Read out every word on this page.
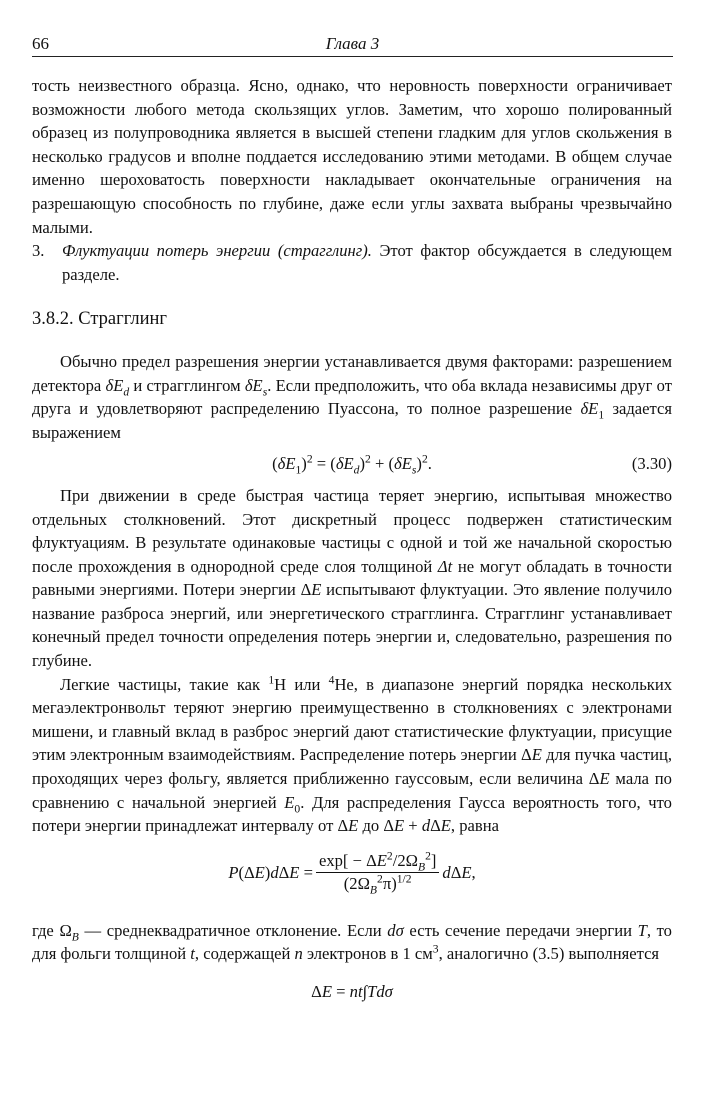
66	Глава 3

тость неизвестного образца. Ясно, однако, что неровность поверхности ограничивает возможности любого метода скользящих углов. Заметим, что хорошо полированный образец из полупроводника является в высшей степени гладким для углов скольжения в несколько градусов и вполне поддается исследованию этими методами. В общем случае именно шероховатость поверхности накладывает окончательные ограничения на разрешающую способность по глубине, даже если углы захвата выбраны чрезвычайно малыми.

3. Флуктуации потерь энергии (страгглинг). Этот фактор обсуждается в следующем разделе.

3.8.2. Страгглинг

Обычно предел разрешения энергии устанавливается двумя факторами: разрешением детектора $\delta E_d$ и страгглингом $\delta E_s$. Если предположить, что оба вклада независимы друг от друга и удовлетворяют распределению Пуассона, то полное разрешение $\delta E_1$ задается выражением

$(\delta E_1)^2 = (\delta E_d)^2 + (\delta E_s)^2$.	(3.30)

При движении в среде быстрая частица теряет энергию, испытывая множество отдельных столкновений. Этот дискретный процесс подвержен статистическим флуктуациям. В результате одинаковые частицы с одной и той же начальной скоростью после прохождения в однородной среде слоя толщиной Δt не могут обладать в точности равными энергиями. Потери энергии ΔE испытывают флуктуации. Это явление получило название разброса энергий, или энергетического страгглинга. Страгглинг устанавливает конечный предел точности определения потерь энергии и, следовательно, разрешения по глубине.

Легкие частицы, такие как $^1$H или $^4$He, в диапазоне энергий порядка нескольких мегаэлектронвольт теряют энергию преимущественно в столкновениях с электронами мишени, и главный вклад в разброс энергий дают статистические флуктуации, присущие этим электронным взаимодействиям. Распределение потерь энергии ΔE для пучка частиц, проходящих через фольгу, является приближенно гауссовым, если величина ΔE мала по сравнению с начальной энергией $E_0$. Для распределения Гаусса вероятность того, что потери энергии принадлежат интервалу от ΔE до ΔE + dΔE, равна

$P(\Delta E)d\Delta E = \frac{\exp[ - \Delta E^2/2\Omega_B^2]}{(2\Omega_B^2\pi)^{1/2}} d\Delta E$,

где $\Omega_B$ — среднеквадратичное отклонение. Если dσ есть сечение передачи энергии T, то для фольги толщиной t, содержащей n электронов в 1 $см^3$, аналогично (3.5) выполняется

ΔE = nt∫Tdσ
